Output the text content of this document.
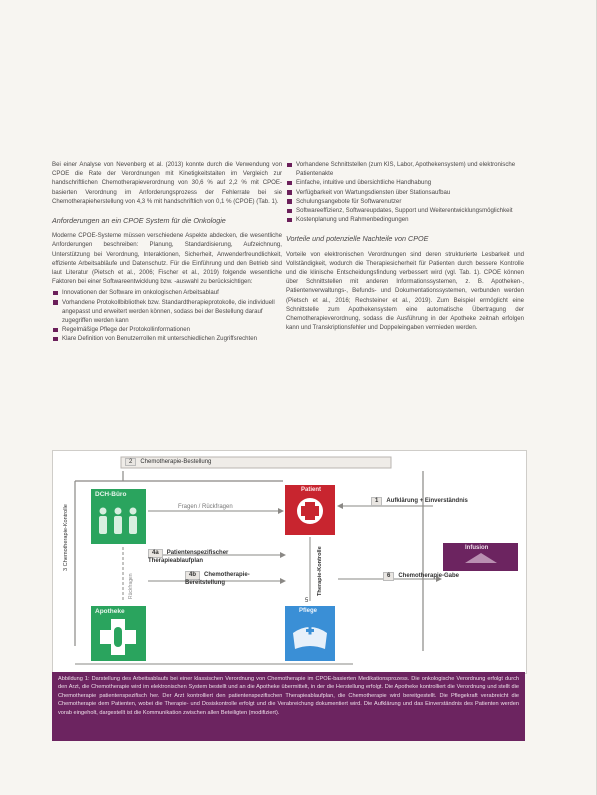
Bei einer Analyse von Nevenberg et al. (2013) konnte durch die Verwendung von CPOE die Rate der Verordnungen mit Kinetigkeitstaiten im Vergleich zur handschriftlichen Chemotherapieverordnung von 30,6 % auf 2,2 % mit CPOE-basierten Verordnung im Anforderungsprozess der Fehlerrate bei sie Chemotherapieherstellung von 4,3 % mit handschriftlich von 0,1 % (CPOE) (Tab. 1).

Anforderungen an ein CPOE System für die Onkologie

Moderne CPOE-Systeme müssen verschiedene Aspekte abdecken, die wesentliche Anforderungen beschreiben: Planung, Standardisierung, Aufzeichnung, Unterstützung bei Verordnung, Interaktionen, Sicherheit, Anwenderfreundlichkeit, effiziente Arbeitsabläufe und Datenschutz. Für die Einführung und den Betrieb sind laut Literatur (Pietsch et al., 2006; Fischer et al., 2019) folgende wesentliche Faktoren bei einer Softwareentwicklung bzw. -auswahl zu berücksichtigen:

Innovationen der Software im onkologischen Arbeitsablauf
Vorhandene Protokollbibliothek bzw. Standardtherapieprotokolle, die individuell angepasst und erweitert werden können, sodass bei der Bestellung darauf zugegriffen werden kann
Regelmäßige Pflege der Protokollinformationen
Klare Definition von Benutzerrollen mit unterschiedlichen Zugriffsrechten
Vorhandene Schnittstellen (zum KIS, Labor, Apothekensystem) und elektronische Patientenakte
Einfache, intuitive und übersichtliche Handhabung
Verfügbarkeit von Wartungsdiensten über Stationsaufbau
Schulungsangebote für Softwarenutzer
Softwareeffizienz, Softwareupdates, Support und Weiterentwicklungsmöglichkeit
Kostenplanung und Rahmenbedingungen

Vorteile und potenzielle Nachteile von CPOE

Vorteile von elektronischen Verordnungen sind deren strukturierte Lesbarkeit und Vollständigkeit, wodurch die Therapiesicherheit für Patienten durch bessere Kontrolle und die klinische Entscheidungsfindung verbessert wird (vgl. Tab. 1). CPOE können über Schnittstellen mit anderen Informationssystemen, z. B. Apotheken-, Patientenverwaltungs-, Befunds- und Dokumentationssystemen, verbunden werden (Pietsch et al., 2016; Rechsteiner et al., 2019). Zum Beispiel ermöglicht eine Schnittstelle zum Apothekensystem eine automatische Übertragung der Chemotherapieverordnung, sodass die Ausführung in der Apotheke zeitnah erfolgen kann und Transkriptionsfehler und Doppeleingaben vermieden werden.

2 Chemotherapie-Bestellung
3 Chemotherapie-Kontrolle
DCH-Büro
Patient
Infusion
Apotheke	Pflege
Fragen / Rückfragen
1 Aufklärung + Einverständnis
4a Patientenspezifischer Therapieablaufplan
4b Chemotherapie-Bereitstellung	Therapie-Kontrolle
5
6 Chemotherapie-Gabe
Rückfragen
Abbildung 1: Darstellung des Arbeitsablaufs bei einer klassischen Verordnung von Chemotherapie im CPOE-basierten Medikationsprozess. Die onkologische Verordnung erfolgt durch den Arzt, die Chemotherapie wird im elektronischen System bestellt und an die Apotheke übermittelt, in der die Herstellung erfolgt. Die Apotheke kontrolliert die Verordnung und stellt die Chemotherapie patientenspezifisch her. Der Arzt kontrolliert den patientenspezifischen Therapieablaufplan, die Chemotherapie wird bereitgestellt. Die Pflegekraft verabreicht die Chemotherapie dem Patienten, wobei die Therapie- und Dosiskontrolle erfolgt und die Verabreichung dokumentiert wird. Die Aufklärung und das Einverständnis des Patienten werden vorab eingeholt, dargestellt ist die Kommunikation zwischen allen Beteiligten (modifiziert).
